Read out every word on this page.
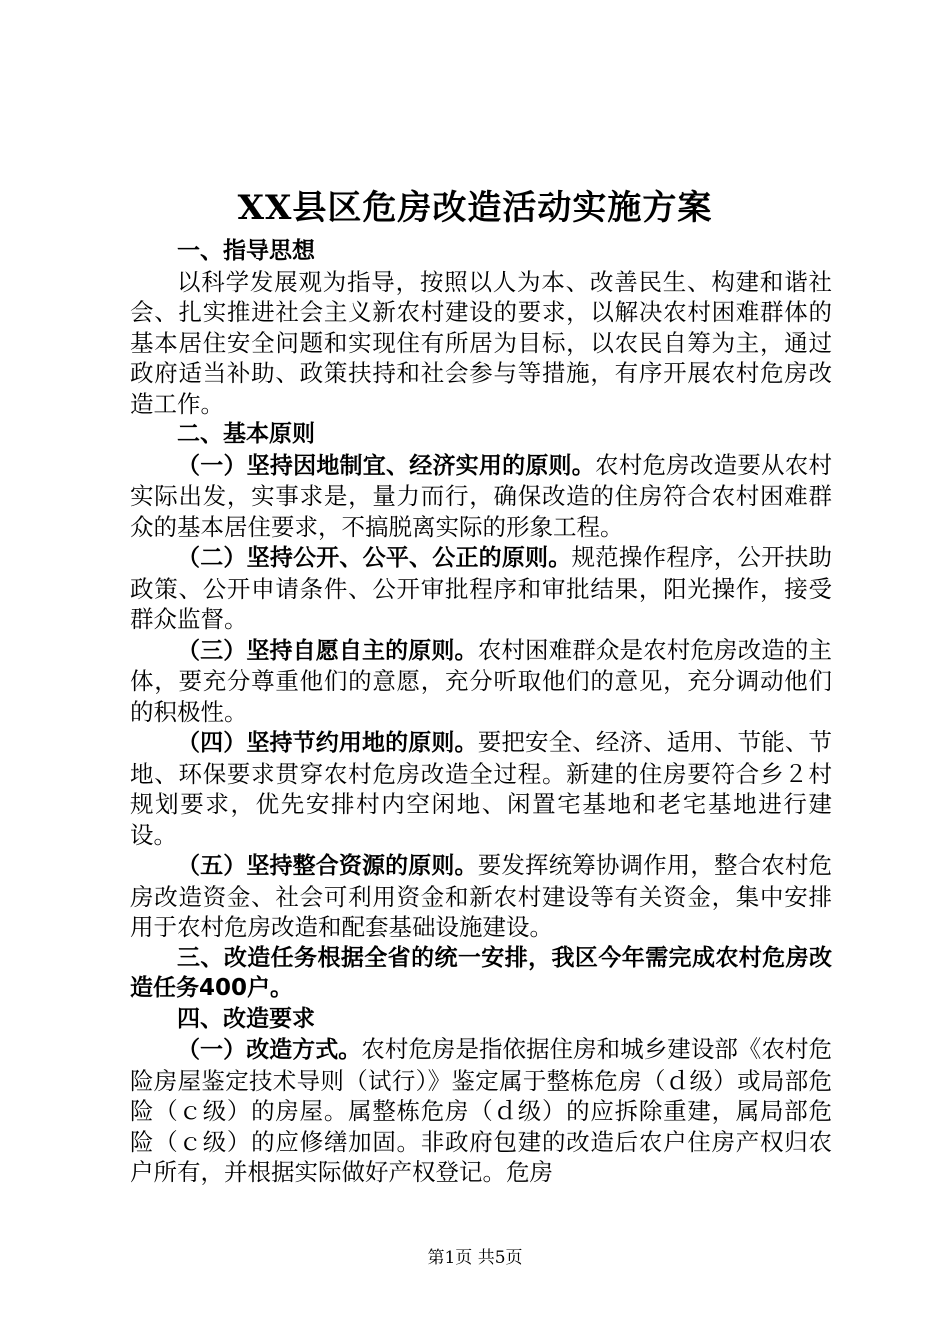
XX县区危房改造活动实施方案
一、指导思想

以科学发展观为指导，按照以人为本、改善民生、构建和谐社会、扎实推进社会主义新农村建设的要求，以解决农村困难群体的基本居住安全问题和实现住有所居为目标，以农民自筹为主，通过政府适当补助、政策扶持和社会参与等措施，有序开展农村危房改造工作。

二、基本原则

（一）坚持因地制宜、经济实用的原则。农村危房改造要从农村实际出发，实事求是，量力而行，确保改造的住房符合农村困难群众的基本居住要求，不搞脱离实际的形象工程。

（二）坚持公开、公平、公正的原则。规范操作程序，公开扶助政策、公开申请条件、公开审批程序和审批结果，阳光操作，接受群众监督。

（三）坚持自愿自主的原则。农村困难群众是农村危房改造的主体，要充分尊重他们的意愿，充分听取他们的意见，充分调动他们的积极性。

（四）坚持节约用地的原则。要把安全、经济、适用、节能、节地、环保要求贯穿农村危房改造全过程。新建的住房要符合乡２村规划要求，优先安排村内空闲地、闲置宅基地和老宅基地进行建设。

（五）坚持整合资源的原则。要发挥统筹协调作用，整合农村危房改造资金、社会可利用资金和新农村建设等有关资金，集中安排用于农村危房改造和配套基础设施建设。

三、改造任务根据全省的统一安排，我区今年需完成农村危房改造任务400户。

四、改造要求

（一）改造方式。农村危房是指依据住房和城乡建设部《农村危险房屋鉴定技术导则（试行）》鉴定属于整栋危房（ｄ级）或局部危险（ｃ级）的房屋。属整栋危房（ｄ级）的应拆除重建，属局部危险（ｃ级）的应修缮加固。非政府包建的改造后农户住房产权归农户所有，并根据实际做好产权登记。危房

第1页 共5页
